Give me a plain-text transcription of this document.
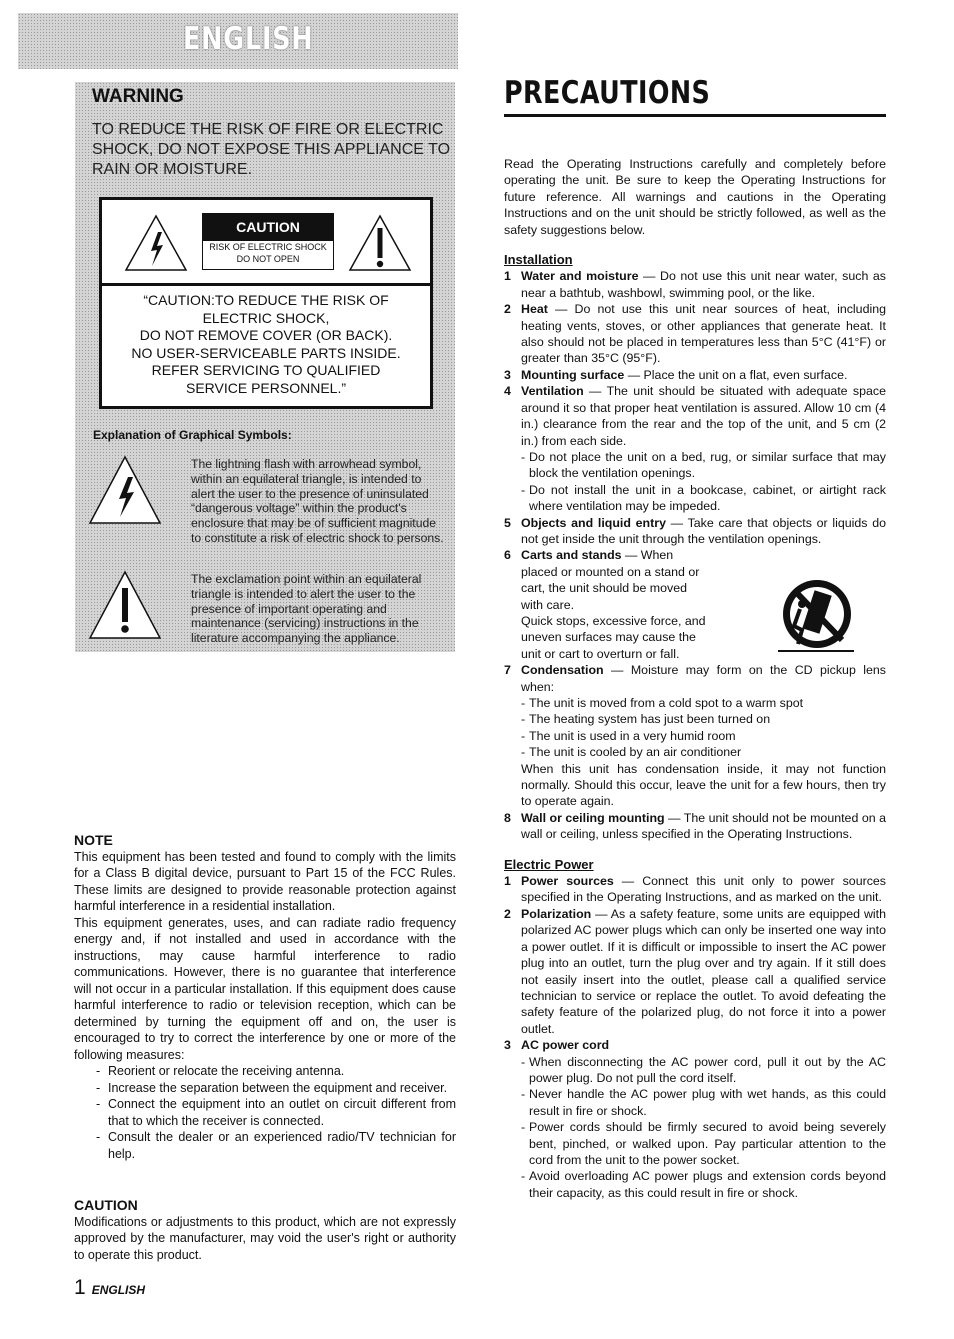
ENGLISH
WARNING
TO REDUCE THE RISK OF FIRE OR ELECTRIC SHOCK, DO NOT EXPOSE THIS APPLIANCE TO RAIN OR MOISTURE.
CAUTION
RISK OF ELECTRIC SHOCK
DO NOT OPEN
“CAUTION:TO REDUCE THE RISK OF
ELECTRIC SHOCK,
DO NOT REMOVE COVER (OR BACK).
NO USER-SERVICEABLE PARTS INSIDE.
REFER SERVICING TO QUALIFIED
SERVICE PERSONNEL.”
Explanation of Graphical Symbols:
The lightning flash with arrowhead symbol, within an equilateral triangle, is intended to alert the user to the presence of uninsulated “dangerous voltage” within the product's enclosure that may be of sufficient magnitude to constitute a risk of electric shock to persons.
The exclamation point within an equilateral triangle is intended to alert the user to the presence of important operating and maintenance (servicing) instructions in the literature accompanying the appliance.
NOTE
This equipment has been tested and found to comply with the limits for a Class B digital device, pursuant to Part 15 of the FCC Rules. These limits are designed to provide reasonable protection against harmful interference in a residential installation.
This equipment generates, uses, and can radiate radio frequency energy and, if not installed and used in accordance with the instructions, may cause harmful interference to radio communications. However, there is no guarantee that interference will not occur in a particular installation. If this equipment does cause harmful interference to radio or television reception, which can be determined by turning the equipment off and on, the user is encouraged to try to correct the interference by one or more of the following measures:
- Reorient or relocate the receiving antenna.
- Increase the separation between the equipment and receiver.
- Connect the equipment into an outlet on circuit different from that to which the receiver is connected.
- Consult the dealer or an experienced radio/TV technician for help.
CAUTION
Modifications or adjustments to this product, which are not expressly approved by the manufacturer, may void the user's right or authority to operate this product.
1 ENGLISH
PRECAUTIONS
Read the Operating Instructions carefully and completely before operating the unit. Be sure to keep the Operating Instructions for future reference. All warnings and cautions in the Operating Instructions and on the unit should be strictly followed, as well as the safety suggestions below.
Installation
1 Water and moisture — Do not use this unit near water, such as near a bathtub, washbowl, swimming pool, or the like.
2 Heat — Do not use this unit near sources of heat, including heating vents, stoves, or other appliances that generate heat. It also should not be placed in temperatures less than 5°C (41°F) or greater than 35°C (95°F).
3 Mounting surface — Place the unit on a flat, even surface.
4 Ventilation — The unit should be situated with adequate space around it so that proper heat ventilation is assured. Allow 10 cm (4 in.) clearance from the rear and the top of the unit, and 5 cm (2 in.) from each side.
- Do not place the unit on a bed, rug, or similar surface that may block the ventilation openings.
- Do not install the unit in a bookcase, cabinet, or airtight rack where ventilation may be impeded.
5 Objects and liquid entry — Take care that objects or liquids do not get inside the unit through the ventilation openings.
6 Carts and stands — When placed or mounted on a stand or cart, the unit should be moved with care.
Quick stops, excessive force, and uneven surfaces may cause the unit or cart to overturn or fall.
7 Condensation — Moisture may form on the CD pickup lens when:
- The unit is moved from a cold spot to a warm spot
- The heating system has just been turned on
- The unit is used in a very humid room
- The unit is cooled by an air conditioner
When this unit has condensation inside, it may not function normally. Should this occur, leave the unit for a few hours, then try to operate again.
8 Wall or ceiling mounting — The unit should not be mounted on a wall or ceiling, unless specified in the Operating Instructions.
Electric Power
1 Power sources — Connect this unit only to power sources specified in the Operating Instructions, and as marked on the unit.
2 Polarization — As a safety feature, some units are equipped with polarized AC power plugs which can only be inserted one way into a power outlet. If it is difficult or impossible to insert the AC power plug into an outlet, turn the plug over and try again. If it still does not easily insert into the outlet, please call a qualified service technician to service or replace the outlet. To avoid defeating the safety feature of the polarized plug, do not force it into a power outlet.
3 AC power cord
- When disconnecting the AC power cord, pull it out by the AC power plug. Do not pull the cord itself.
- Never handle the AC power plug with wet hands, as this could result in fire or shock.
- Power cords should be firmly secured to avoid being severely bent, pinched, or walked upon. Pay particular attention to the cord from the unit to the power socket.
- Avoid overloading AC power plugs and extension cords beyond their capacity, as this could result in fire or shock.
